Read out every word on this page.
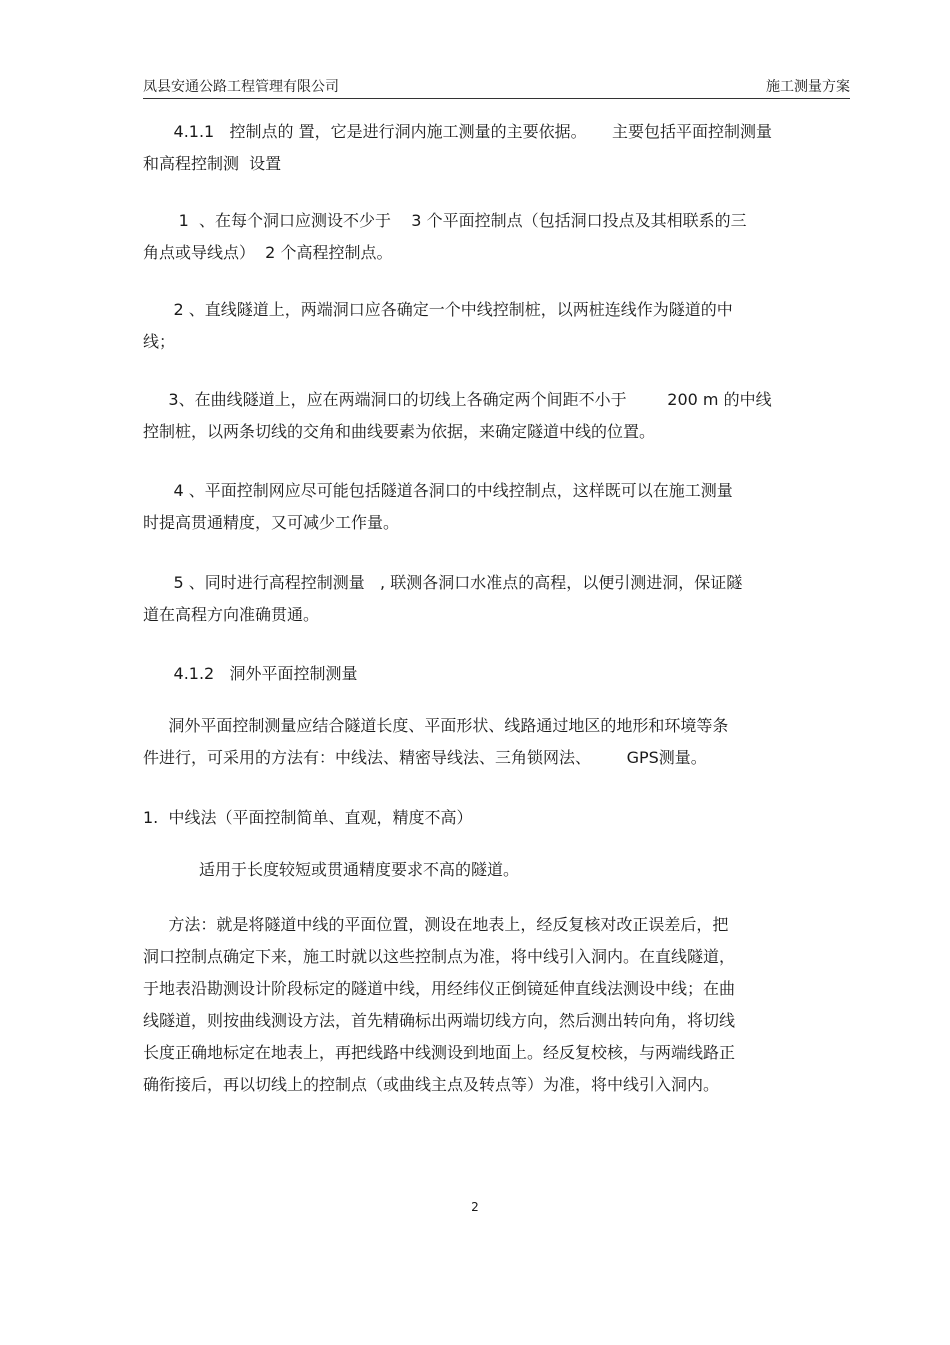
凤县安通公路工程管理有限公司	施工测量方案

4.1.1   控制点的 置，它是进行洞内施工测量的主要依据。     主要包括平面控制测量
和高程控制测  设置

1  、在每个洞口应测设不少于    3 个平面控制点（包括洞口投点及其相联系的三
角点或导线点）  2 个高程控制点。

2 、直线隧道上，两端洞口应各确定一个中线控制桩，以两桩连线作为隧道的中
线；

3、在曲线隧道上，应在两端洞口的切线上各确定两个间距不小于        200 m 的中线
控制桩，以两条切线的交角和曲线要素为依据，来确定隧道中线的位置。

4 、平面控制网应尽可能包括隧道各洞口的中线控制点，这样既可以在施工测量
时提高贯通精度，又可减少工作量。

5 、同时进行高程控制测量   , 联测各洞口水准点的高程，以便引测进洞，保证隧
道在高程方向准确贯通。

4.1.2   洞外平面控制测量

洞外平面控制测量应结合隧道长度、平面形状、线路通过地区的地形和环境等条
件进行，可采用的方法有：中线法、精密导线法、三角锁网法、       GPS测量。

1.  中线法（平面控制简单、直观，精度不高）

适用于长度较短或贯通精度要求不高的隧道。

方法：就是将隧道中线的平面位置，测设在地表上，经反复核对改正误差后，把
洞口控制点确定下来，施工时就以这些控制点为准，将中线引入洞内。在直线隧道，
于地表沿勘测设计阶段标定的隧道中线，用经纬仪正倒镜延伸直线法测设中线；在曲
线隧道，则按曲线测设方法，首先精确标出两端切线方向，然后测出转向角，将切线
长度正确地标定在地表上，再把线路中线测设到地面上。经反复校核，与两端线路正
确衔接后，再以切线上的控制点（或曲线主点及转点等）为准，将中线引入洞内。

2
